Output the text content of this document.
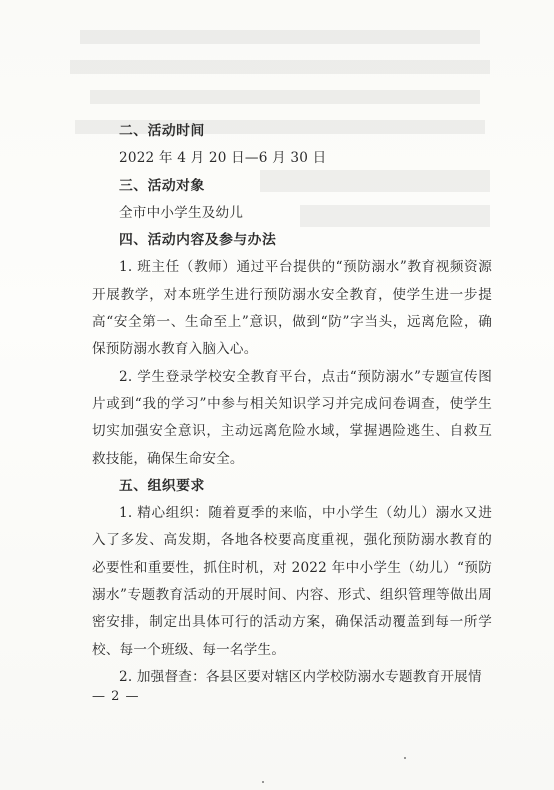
二、活动时间

2022 年 4 月 20 日—6 月 30 日

三、活动对象

全市中小学生及幼儿

四、活动内容及参与办法

1. 班主任（教师）通过平台提供的“预防溺水”教育视频资源开展教学，对本班学生进行预防溺水安全教育，使学生进一步提高“安全第一、生命至上”意识，做到“防”字当头，远离危险，确保预防溺水教育入脑入心。

2. 学生登录学校安全教育平台，点击“预防溺水”专题宣传图片或到“我的学习”中参与相关知识学习并完成问卷调查，使学生切实加强安全意识，主动远离危险水域，掌握遇险逃生、自救互救技能，确保生命安全。

五、组织要求

1. 精心组织：随着夏季的来临，中小学生（幼儿）溺水又进入了多发、高发期，各地各校要高度重视，强化预防溺水教育的必要性和重要性，抓住时机，对 2022 年中小学生（幼儿）“预防溺水”专题教育活动的开展时间、内容、形式、组织管理等做出周密安排，制定出具体可行的活动方案，确保活动覆盖到每一所学校、每一个班级、每一名学生。

2. 加强督查：各县区要对辖区内学校防溺水专题教育开展情

— 2 —
